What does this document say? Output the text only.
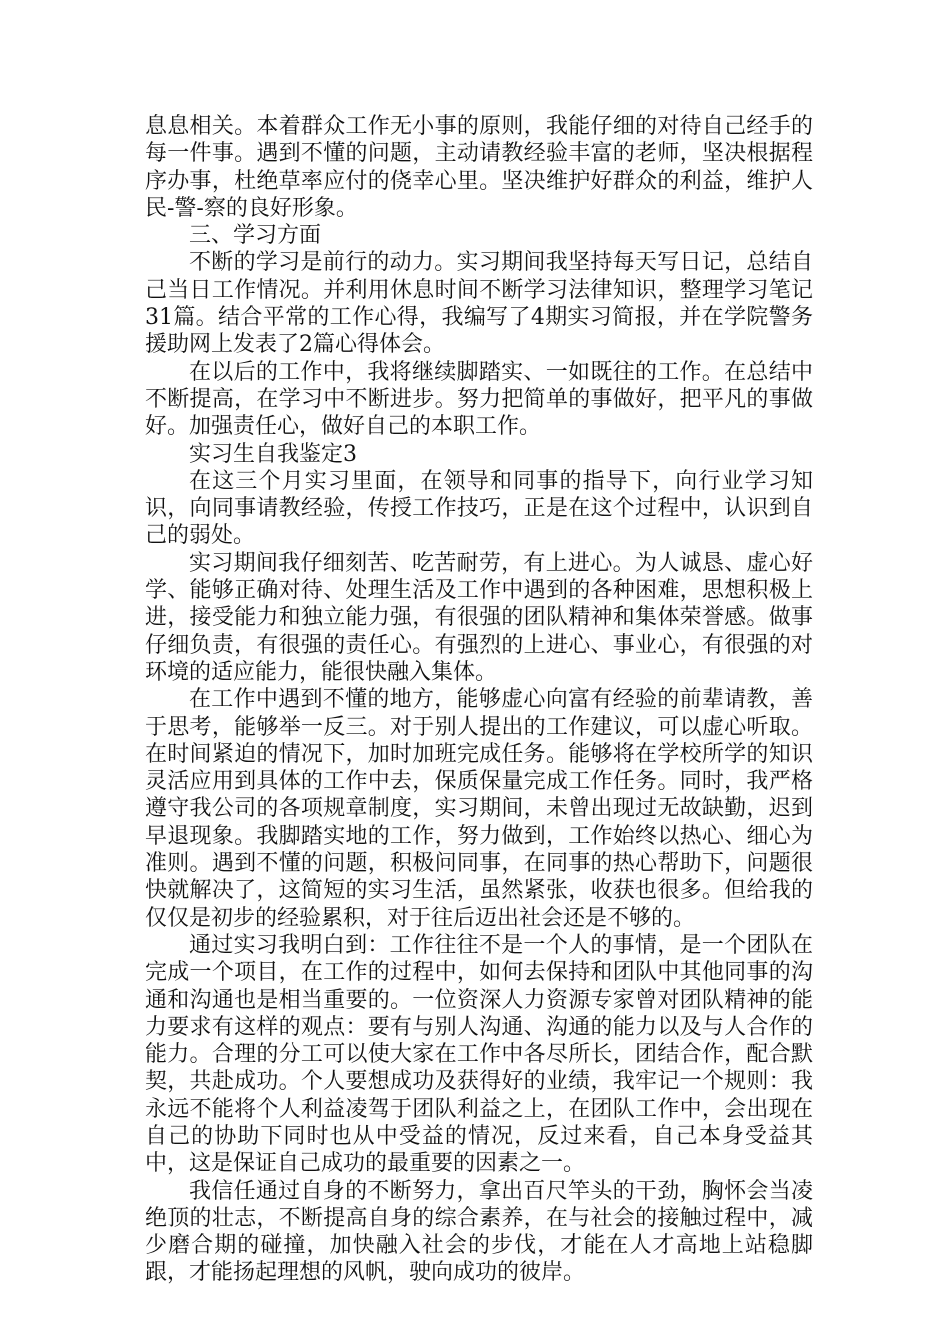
息息相关。本着群众工作无小事的原则，我能仔细的对待自己经手的每一件事。遇到不懂的问题，主动请教经验丰富的老师，坚决根据程序办事，杜绝草率应付的侥幸心里。坚决维护好群众的利益，维护人民-警-察的良好形象。

三、学习方面

不断的学习是前行的动力。实习期间我坚持每天写日记，总结自己当日工作情况。并利用休息时间不断学习法律知识，整理学习笔记31篇。结合平常的工作心得，我编写了4期实习简报，并在学院警务援助网上发表了2篇心得体会。

在以后的工作中，我将继续脚踏实、一如既往的工作。在总结中不断提高，在学习中不断进步。努力把简单的事做好，把平凡的事做好。加强责任心，做好自己的本职工作。

实习生自我鉴定3

在这三个月实习里面，在领导和同事的指导下，向行业学习知识，向同事请教经验，传授工作技巧，正是在这个过程中，认识到自己的弱处。

实习期间我仔细刻苦、吃苦耐劳，有上进心。为人诚恳、虚心好学、能够正确对待、处理生活及工作中遇到的各种困难，思想积极上进，接受能力和独立能力强，有很强的团队精神和集体荣誉感。做事仔细负责，有很强的责任心。有强烈的上进心、事业心，有很强的对环境的适应能力，能很快融入集体。

在工作中遇到不懂的地方，能够虚心向富有经验的前辈请教，善于思考，能够举一反三。对于别人提出的工作建议，可以虚心听取。在时间紧迫的情况下，加时加班完成任务。能够将在学校所学的知识灵活应用到具体的工作中去，保质保量完成工作任务。同时，我严格遵守我公司的各项规章制度，实习期间，未曾出现过无故缺勤，迟到早退现象。我脚踏实地的工作，努力做到，工作始终以热心、细心为准则。遇到不懂的问题，积极问同事，在同事的热心帮助下，问题很快就解决了，这简短的实习生活，虽然紧张，收获也很多。但给我的仅仅是初步的经验累积，对于往后迈出社会还是不够的。

通过实习我明白到：工作往往不是一个人的事情，是一个团队在完成一个项目，在工作的过程中，如何去保持和团队中其他同事的沟通和沟通也是相当重要的。一位资深人力资源专家曾对团队精神的能力要求有这样的观点：要有与别人沟通、沟通的能力以及与人合作的能力。合理的分工可以使大家在工作中各尽所长，团结合作，配合默契，共赴成功。个人要想成功及获得好的业绩，我牢记一个规则：我永远不能将个人利益凌驾于团队利益之上，在团队工作中，会出现在自己的协助下同时也从中受益的情况，反过来看，自己本身受益其中，这是保证自己成功的最重要的因素之一。

我信任通过自身的不断努力，拿出百尺竿头的干劲，胸怀会当凌绝顶的壮志，不断提高自身的综合素养，在与社会的接触过程中，减少磨合期的碰撞，加快融入社会的步伐，才能在人才高地上站稳脚跟，才能扬起理想的风帆，驶向成功的彼岸。
